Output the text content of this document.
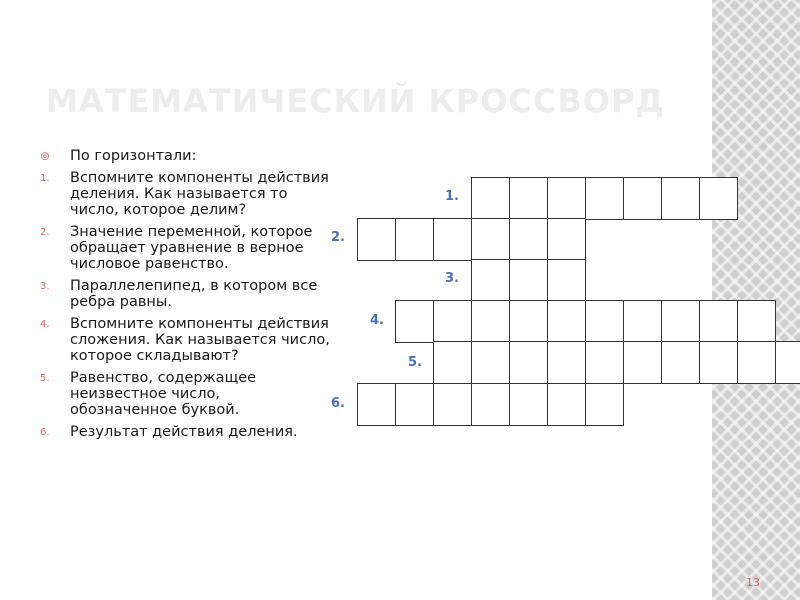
МАТЕМАТИЧЕСКИЙ КРОССВОРД
⊚ По горизонтали:
1. Вспомните компоненты действия деления. Как называется то число, которое делим?
2. Значение переменной, которое обращает уравнение в верное числовое равенство.
3. Параллелепипед, в котором все ребра равны.
4. Вспомните компоненты действия сложения. Как называется число, которое складывают?
5. Равенство, содержащее неизвестное число, обозначенное буквой.
6. Результат действия деления.
1.
2.
3.
4.
5.
6.
13
